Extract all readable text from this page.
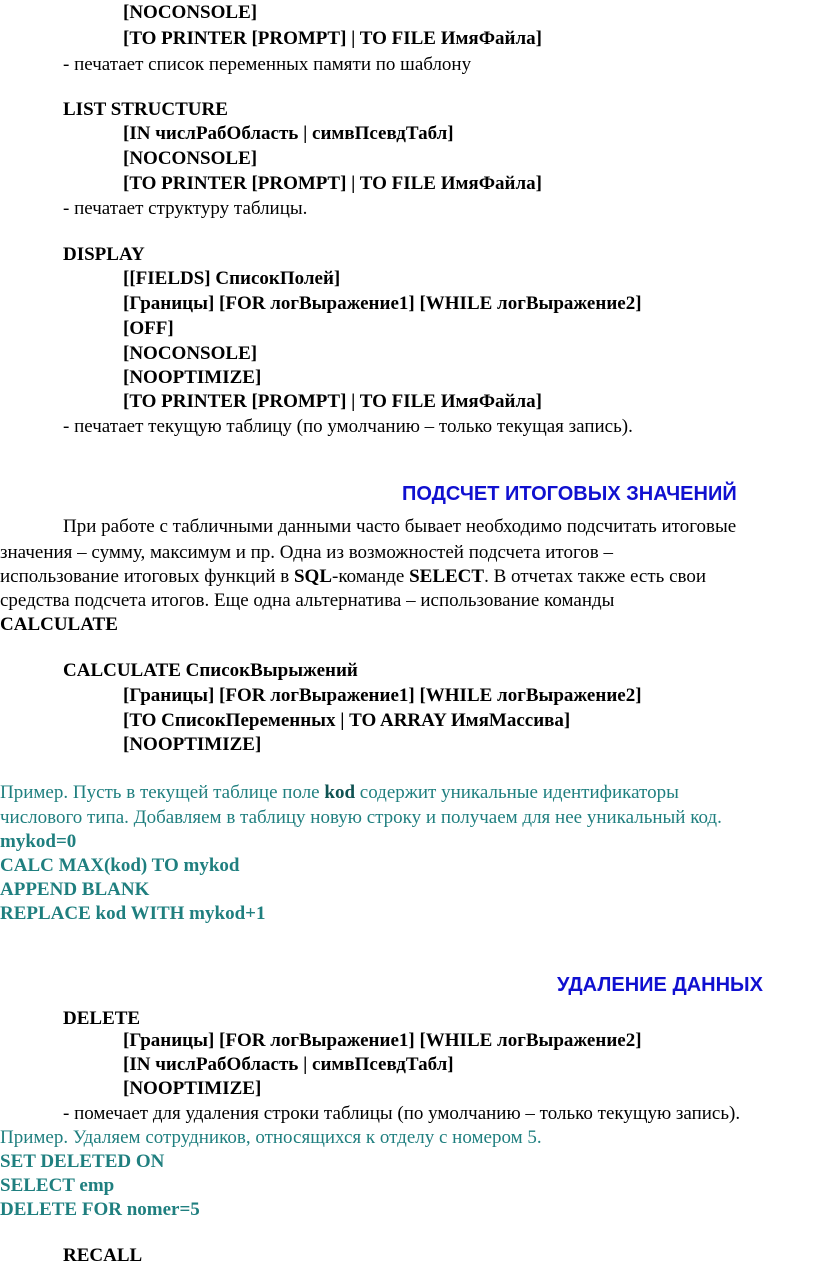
[NOCONSOLE]
[TO PRINTER [PROMPT] | TO FILE ИмяФайла]
- печатает список переменных памяти по шаблону
LIST STRUCTURE
[IN числРабОбласть | симвПсевдТабл]
[NOCONSOLE]
[TO PRINTER [PROMPT] | TO FILE ИмяФайла]
- печатает структуру таблицы.
DISPLAY
[[FIELDS] СписокПолей]
[Границы] [FOR логВыражение1] [WHILE логВыражение2]
[OFF]
[NOCONSOLE]
[NOOPTIMIZE]
[TO PRINTER [PROMPT] | TO FILE ИмяФайла]
- печатает текущую таблицу (по умолчанию – только текущая запись).
ПОДСЧЕТ ИТОГОВЫХ ЗНАЧЕНИЙ
При работе с табличными данными часто бывает необходимо подсчитать итоговые
значения – сумму, максимум и пр. Одна из возможностей подсчета итогов –
использование итоговых функций в SQL-команде SELECT. В отчетах также есть свои
средства подсчета итогов. Еще одна альтернатива – использование команды
CALCULATE
CALCULATE СписокВырыжений
[Границы] [FOR логВыражение1] [WHILE логВыражение2]
[TO СписокПеременных | TO ARRAY ИмяМассива]
[NOOPTIMIZE]
Пример. Пусть в текущей таблице поле kod содержит уникальные идентификаторы
числового типа. Добавляем в таблицу новую строку и получаем для нее уникальный код.
mykod=0
CALC MAX(kod) TO mykod
APPEND BLANK
REPLACE kod WITH mykod+1
УДАЛЕНИЕ ДАННЫХ
DELETE
[Границы] [FOR логВыражение1] [WHILE логВыражение2]
[IN числРабОбласть | симвПсевдТабл]
[NOOPTIMIZE]
- помечает для удаления строки таблицы (по умолчанию – только текущую запись).
Пример. Удаляем сотрудников, относящихся к отделу с номером 5.
SET DELETED ON
SELECT emp
DELETE FOR nomer=5
RECALL
